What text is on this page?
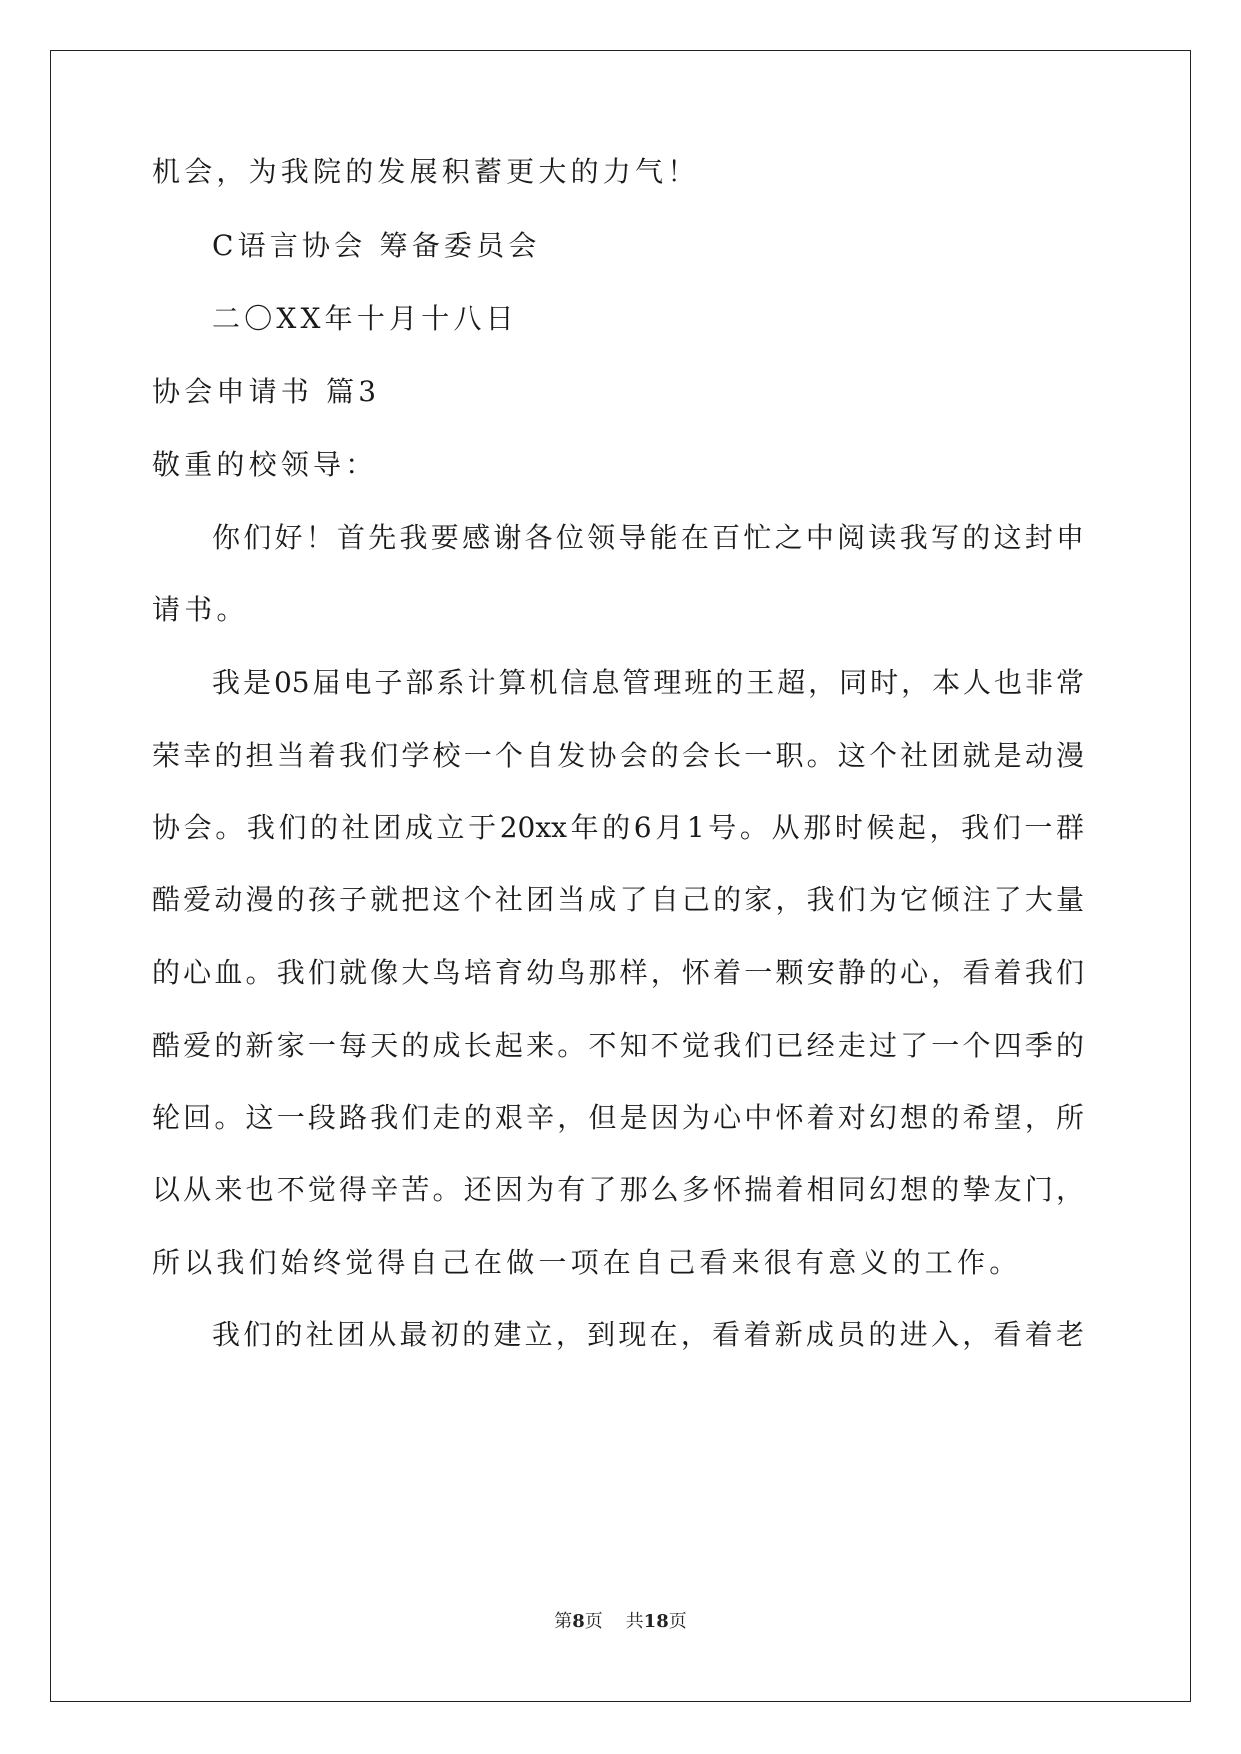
机会，为我院的发展积蓄更大的力气！
C语言协会 筹备委员会
二〇XX年十月十八日
协会申请书 篇3
敬重的校领导：
你们好！首先我要感谢各位领导能在百忙之中阅读我写的这封申
请书。
我是05届电子部系计算机信息管理班的王超，同时，本人也非常
荣幸的担当着我们学校一个自发协会的会长一职。这个社团就是动漫
协会。我们的社团成立于20xx年的6月1号。从那时候起，我们一群
酷爱动漫的孩子就把这个社团当成了自己的家，我们为它倾注了大量
的心血。我们就像大鸟培育幼鸟那样，怀着一颗安静的心，看着我们
酷爱的新家一每天的成长起来。不知不觉我们已经走过了一个四季的
轮回。这一段路我们走的艰辛，但是因为心中怀着对幻想的希望，所
以从来也不觉得辛苦。还因为有了那么多怀揣着相同幻想的挚友门，
所以我们始终觉得自己在做一项在自己看来很有意义的工作。
我们的社团从最初的建立，到现在，看着新成员的进入，看着老
第8页 共18页
